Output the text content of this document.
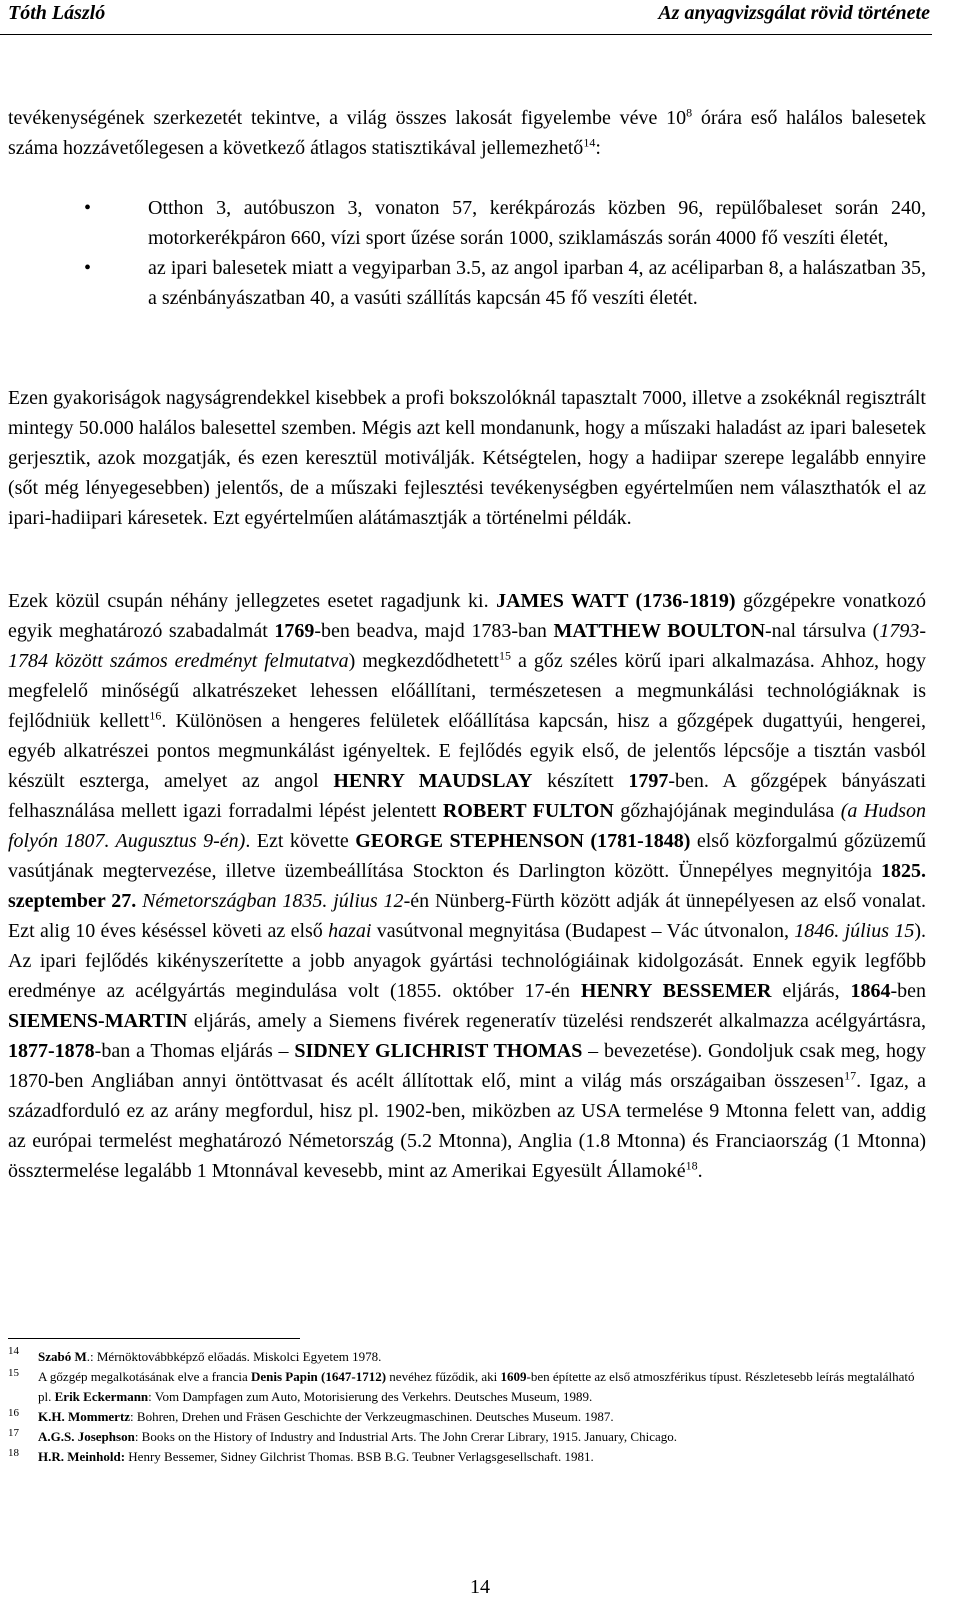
Tóth László	Az anyagvizsgálat rövid története
tevékenységének szerkezetét tekintve, a világ összes lakosát figyelembe véve $10^8$ órára eső halálos balesetek száma hozzávetőlegesen a következő átlagos statisztikával jellemezhető$^{14}$:
•	Otthon 3, autóbuszon 3, vonaton 57, kerékpározás közben 96, repülőbaleset során 240, motorkerékpáron 660, vízi sport űzése során 1000, sziklamászás során 4000 fő veszíti életét,
•	az ipari balesetek miatt a vegyiparban 3.5, az angol iparban 4, az acéliparban 8, a halászatban 35, a szénbányászatban 40, a vasúti szállítás kapcsán 45 fő veszíti életét.
Ezen gyakoriságok nagyságrendekkel kisebbek a profi bokszolóknál tapasztalt 7000, illetve a zsokéknál regisztrált mintegy 50.000 halálos balesettel szemben. Mégis azt kell mondanunk, hogy a műszaki haladást az ipari balesetek gerjesztik, azok mozgatják, és ezen keresztül motiválják. Kétségtelen, hogy a hadiipar szerepe legalább ennyire (sőt még lényegesebben) jelentős, de a műszaki fejlesztési tevékenységben egyértelműen nem választhatók el az ipari-hadiipari káresetek. Ezt egyértelműen alátámasztják a történelmi példák.
Ezek közül csupán néhány jellegzetes esetet ragadjunk ki. JAMES WATT (1736-1819) gőzgépekre vonatkozó egyik meghatározó szabadalmát 1769-ben beadva, majd 1783-ban MATTHEW BOULTON-nal társulva (1793-1784 között számos eredményt felmutatva) megkezdődhetett$^{15}$ a gőz széles körű ipari alkalmazása. Ahhoz, hogy megfelelő minőségű alkatrészeket lehessen előállítani, természetesen a megmunkálási technológiáknak is fejlődniük kellett$^{16}$. Különösen a hengeres felületek előállítása kapcsán, hisz a gőzgépek dugattyúi, hengerei, egyéb alkatrészei pontos megmunkálást igényeltek. E fejlődés egyik első, de jelentős lépcsője a tisztán vasból készült eszterga, amelyet az angol HENRY MAUDSLAY készített 1797-ben. A gőzgépek bányászati felhasználása mellett igazi forradalmi lépést jelentett ROBERT FULTON gőzhajójának megindulása (a Hudson folyón 1807. Augusztus 9-én). Ezt követte GEORGE STEPHENSON (1781-1848) első közforgalmú gőzüzemű vasútjának megtervezése, illetve üzembeállítása Stockton és Darlington között. Ünnepélyes megnyitója 1825. szeptember 27. Németországban 1835. július 12-én Nünberg-Fürth között adják át ünnepélyesen az első vonalat. Ezt alig 10 éves késéssel követi az első hazai vasútvonal megnyitása (Budapest – Vác útvonalon, 1846. július 15). Az ipari fejlődés kikényszerítette a jobb anyagok gyártási technológiáinak kidolgozását. Ennek egyik legfőbb eredménye az acélgyártás megindulása volt (1855. október 17-én HENRY BESSEMER eljárás, 1864-ben SIEMENS-MARTIN eljárás, amely a Siemens fivérek regeneratív tüzelési rendszerét alkalmazza acélgyártásra, 1877-1878-ban a Thomas eljárás – SIDNEY GLICHRIST THOMAS – bevezetése). Gondoljuk csak meg, hogy 1870-ben Angliában annyi öntöttvasat és acélt állítottak elő, mint a világ más országaiban összesen$^{17}$. Igaz, a századforduló ez az arány megfordul, hisz pl. 1902-ben, miközben az USA termelése 9 Mtonna felett van, addig az európai termelést meghatározó Németország (5.2 Mtonna), Anglia (1.8 Mtonna) és Franciaország (1 Mtonna) össztermelése legalább 1 Mtonnával kevesebb, mint az Amerikai Egyesült Államoké$^{18}$.
14 Szabó M.: Mérnöktovábbképző előadás. Miskolci Egyetem 1978.
15 A gőzgép megalkotásának elve a francia Denis Papin (1647-1712) nevéhez fűződik, aki 1609-ben építette az első atmoszférikus típust. Részletesebb leírás megtalálható pl. Erik Eckermann: Vom Dampfagen zum Auto, Motorisierung des Verkehrs. Deutsches Museum, 1989.
16 K.H. Mommertz: Bohren, Drehen und Fräsen Geschichte der Verkzeugmaschinen. Deutsches Museum. 1987.
17 A.G.S. Josephson: Books on the History of Industry and Industrial Arts. The John Crerar Library, 1915. January, Chicago.
18 H.R. Meinhold: Henry Bessemer, Sidney Gilchrist Thomas. BSB B.G. Teubner Verlagsgesellschaft. 1981.
14
